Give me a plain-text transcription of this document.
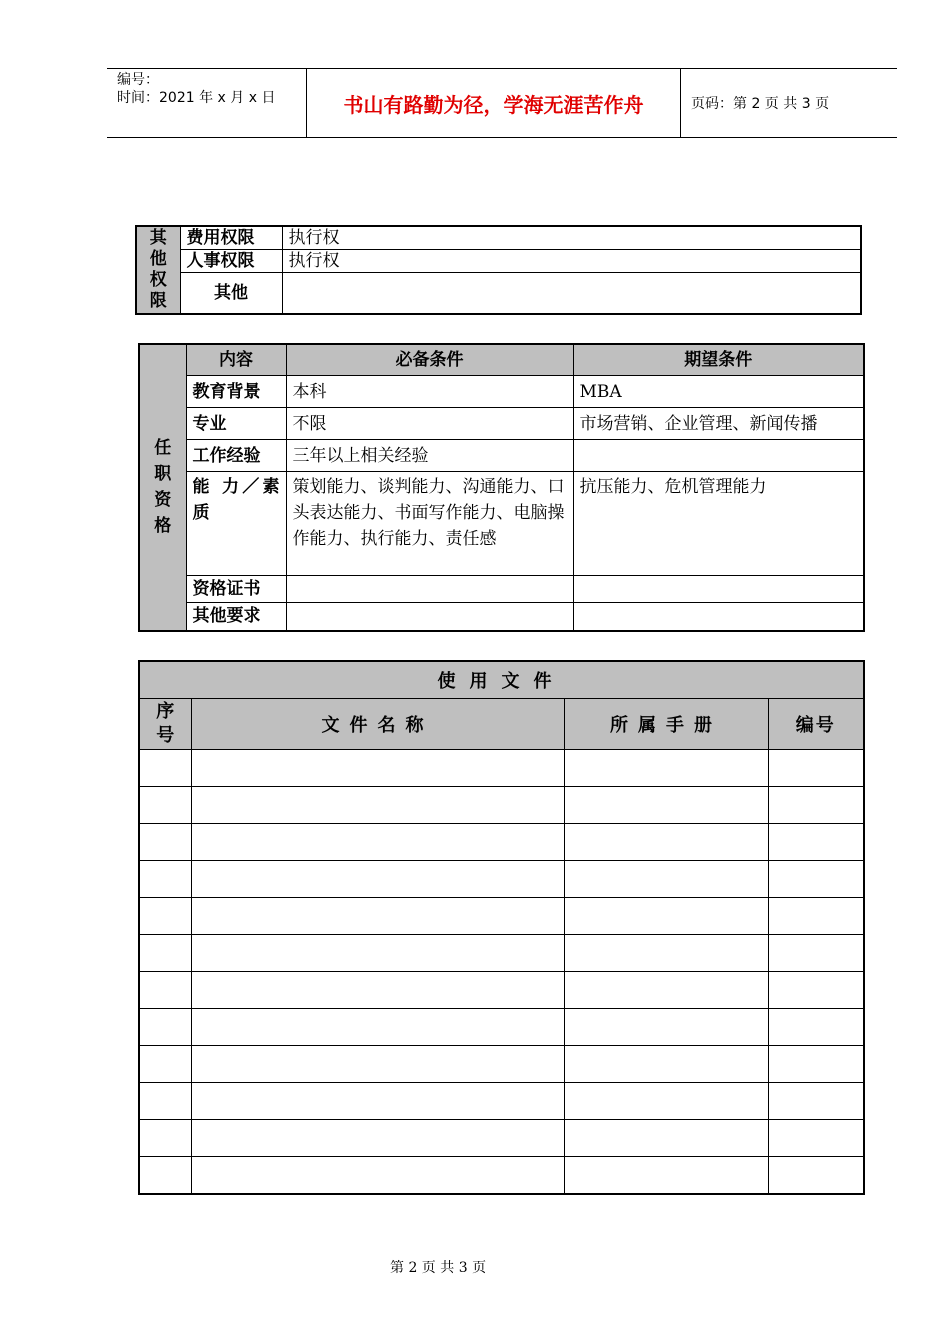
编号：
时间：2021 年 x 月 x 日	书山有路勤为径，学海无涯苦作舟	页码：第 2 页 共 3 页
其他权限	费用权限	执行权
	人事权限	执行权
	其他	
任职资格	内容	必备条件	期望条件
	教育背景	本科	MBA
	专业	不限	市场营销、企业管理、新闻传播
	工作经验	三年以上相关经验	
	能 力／素质	策划能力、谈判能力、沟通能力、口头表达能力、书面写作能力、电脑操作能力、执行能力、责任感	抗压能力、危机管理能力
	资格证书		
	其他要求		
使用文件			

序号	文件名称	所属手册	编号

第 2 页 共 3 页
